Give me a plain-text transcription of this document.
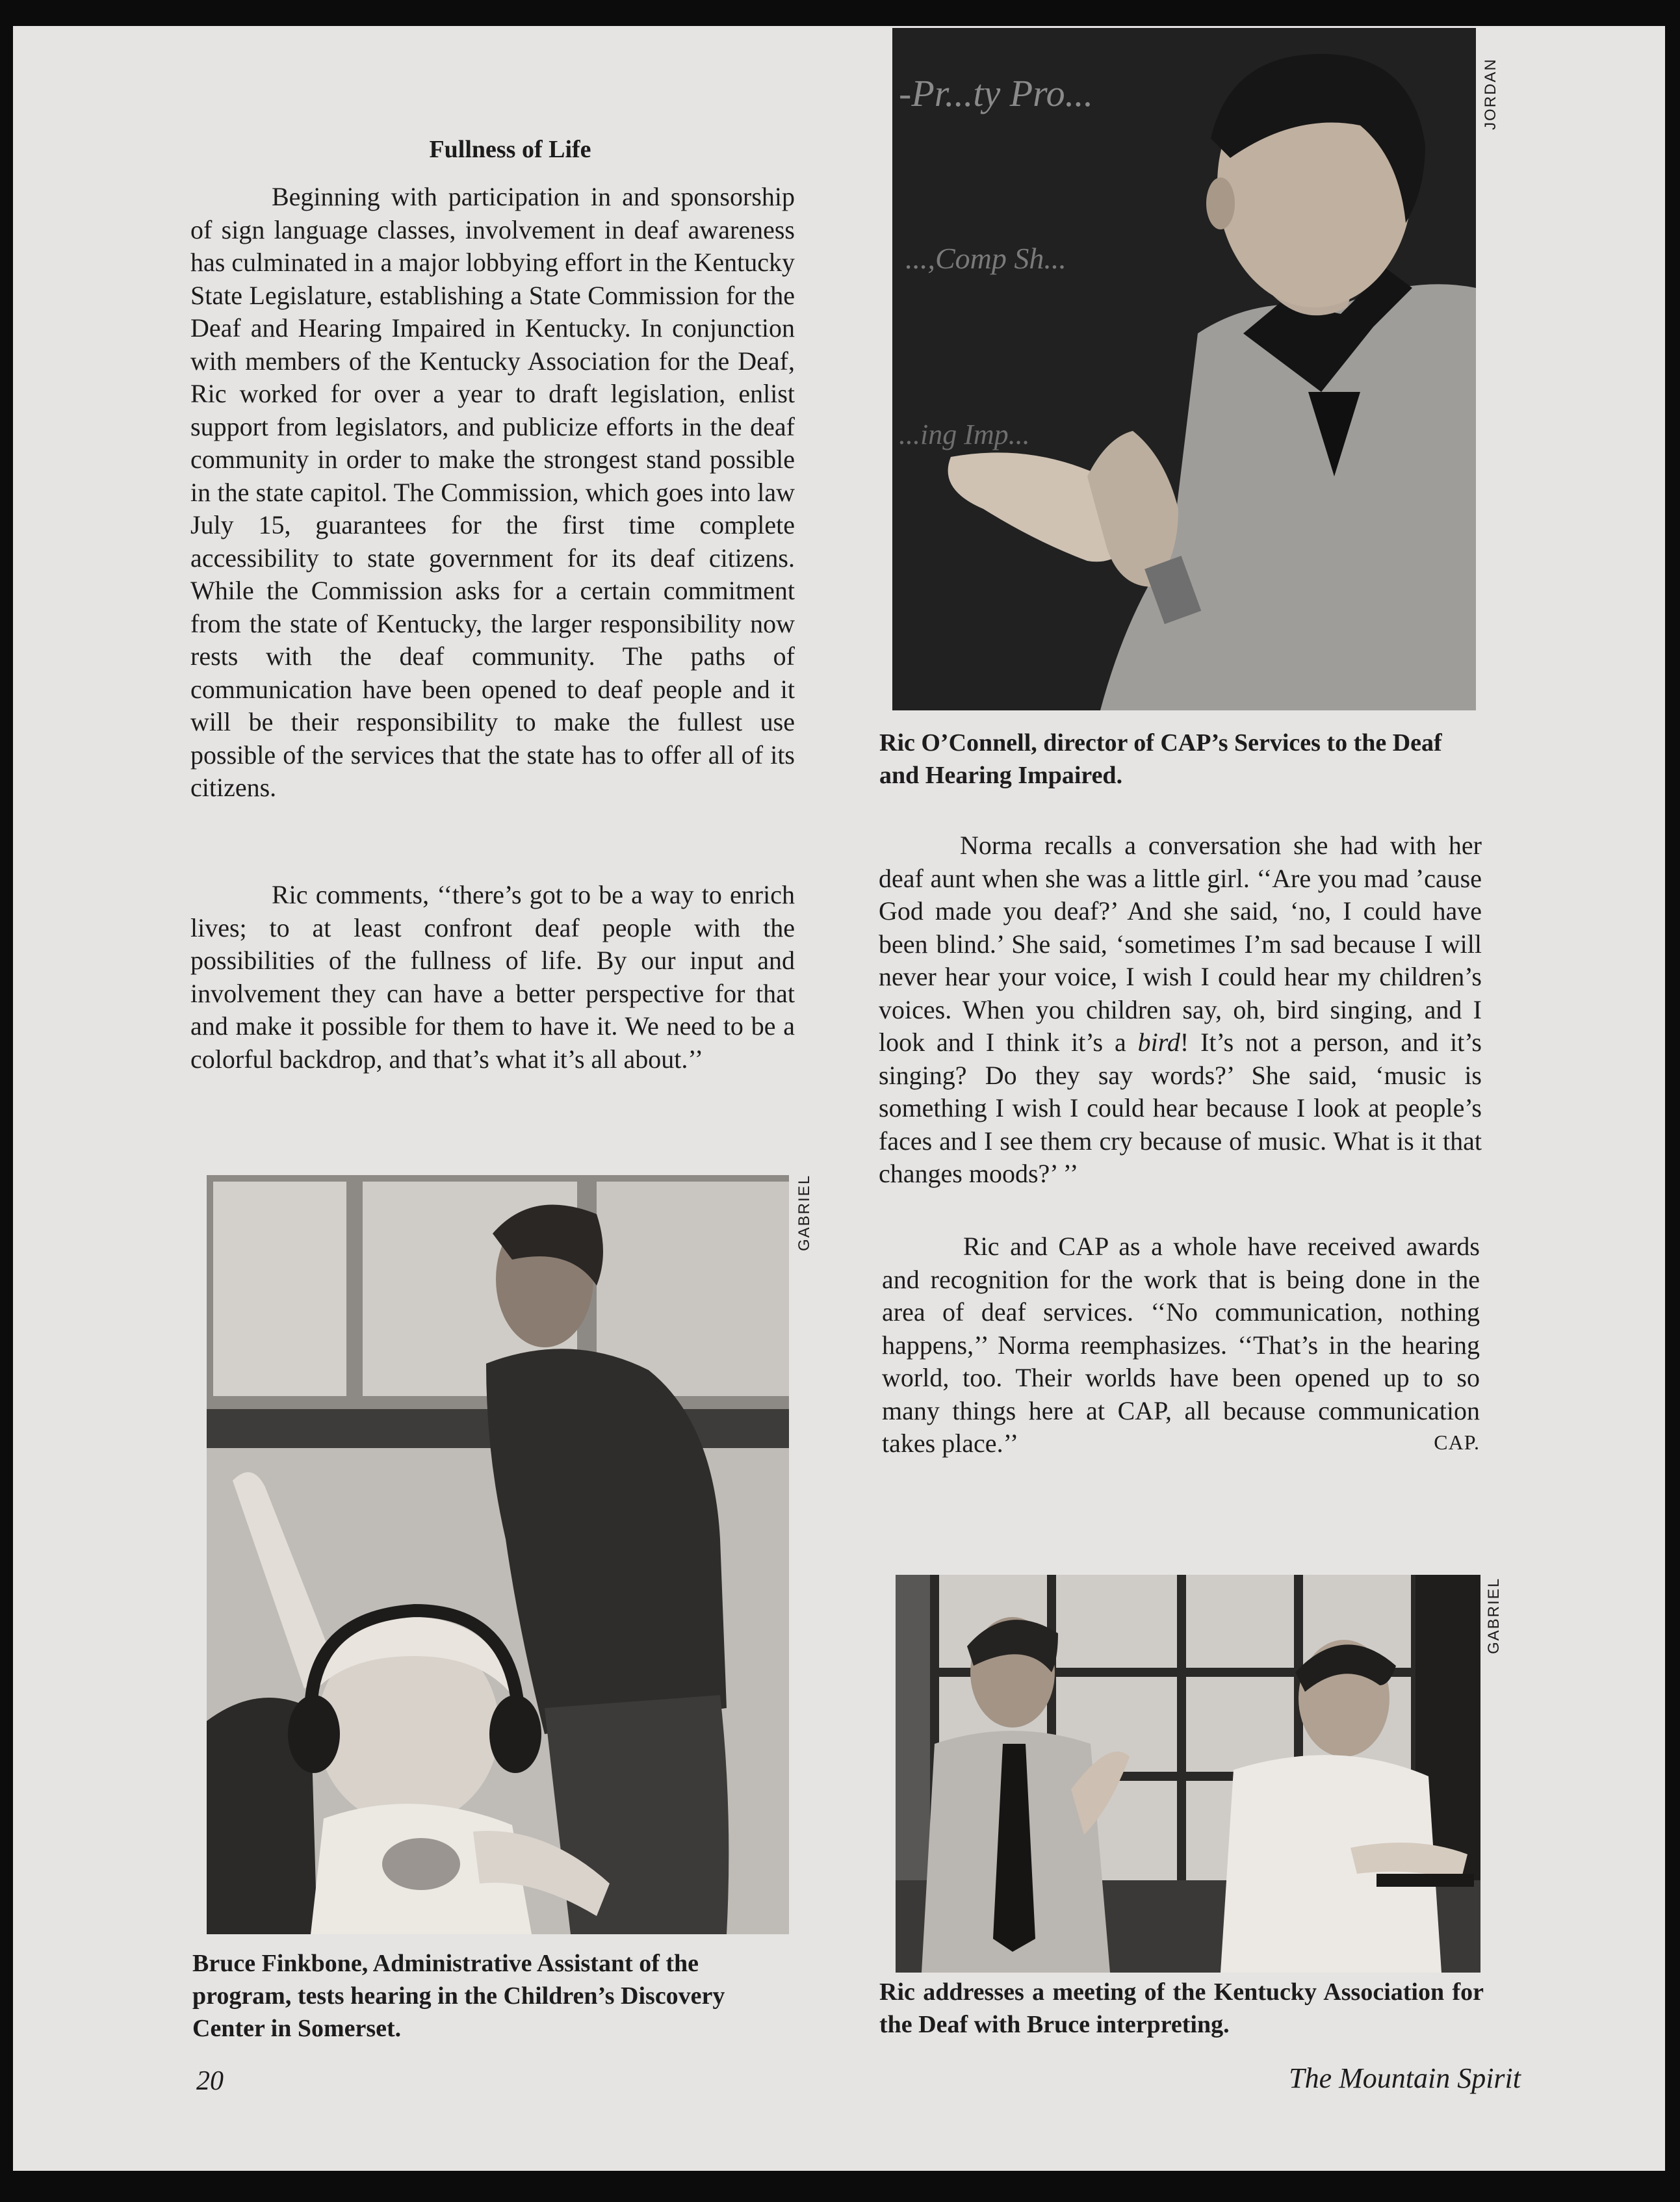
Fullness of Life

Beginning with participation in and sponsorship of sign language classes, involvement in deaf awareness has culminated in a major lobbying effort in the Kentucky State Legislature, establishing a State Commission for the Deaf and Hearing Impaired in Kentucky. In conjunction with members of the Kentucky Association for the Deaf, Ric worked for over a year to draft legislation, enlist support from legislators, and publicize efforts in the deaf community in order to make the strongest stand possible in the state capitol. The Commission, which goes into law July 15, guarantees for the first time complete accessibility to state government for its deaf citizens. While the Commission asks for a certain commitment from the state of Kentucky, the larger responsibility now rests with the deaf community. The paths of communication have been opened to deaf people and it will be their responsibility to make the fullest use possible of the services that the state has to offer all of its citizens.

Ric comments, ‘‘there’s got to be a way to enrich lives; to at least confront deaf people with the possibilities of the fullness of life. By our input and involvement they can have a better perspective for that and make it possible for them to have it. We need to be a colorful backdrop, and that’s what it’s all about.’’

-Pr...ty Pro...
...,Comp Sh...
...ing Imp...
JORDAN
Ric O’Connell, director of CAP’s Services to the Deaf and Hearing Impaired.

Norma recalls a conversation she had with her deaf aunt when she was a little girl. ‘‘Are you mad ’cause God made you deaf?’ And she said, ‘no, I could have been blind.’ She said, ‘sometimes I’m sad because I will never hear your voice, I wish I could hear my children’s voices. When you children say, oh, bird singing, and I look and I think it’s a bird! It’s not a person, and it’s singing? Do they say words?’ She said, ‘music is something I wish I could hear because I look at people’s faces and I see them cry because of music. What is it that changes moods?’ ’’

Ric and CAP as a whole have received awards and recognition for the work that is being done in the area of deaf services. ‘‘No communication, nothing happens,’’ Norma reemphasizes. ‘‘That’s in the hearing world, too. Their worlds have been opened up to so many things here at CAP, all because communication takes place.’’	CAP.
GABRIEL
Bruce Finkbone, Administrative Assistant of the program, tests hearing in the Children’s Discovery Center in Somerset.
GABRIEL
Ric addresses a meeting of the Kentucky Association for the Deaf with Bruce interpreting.
20	The Mountain Spirit
